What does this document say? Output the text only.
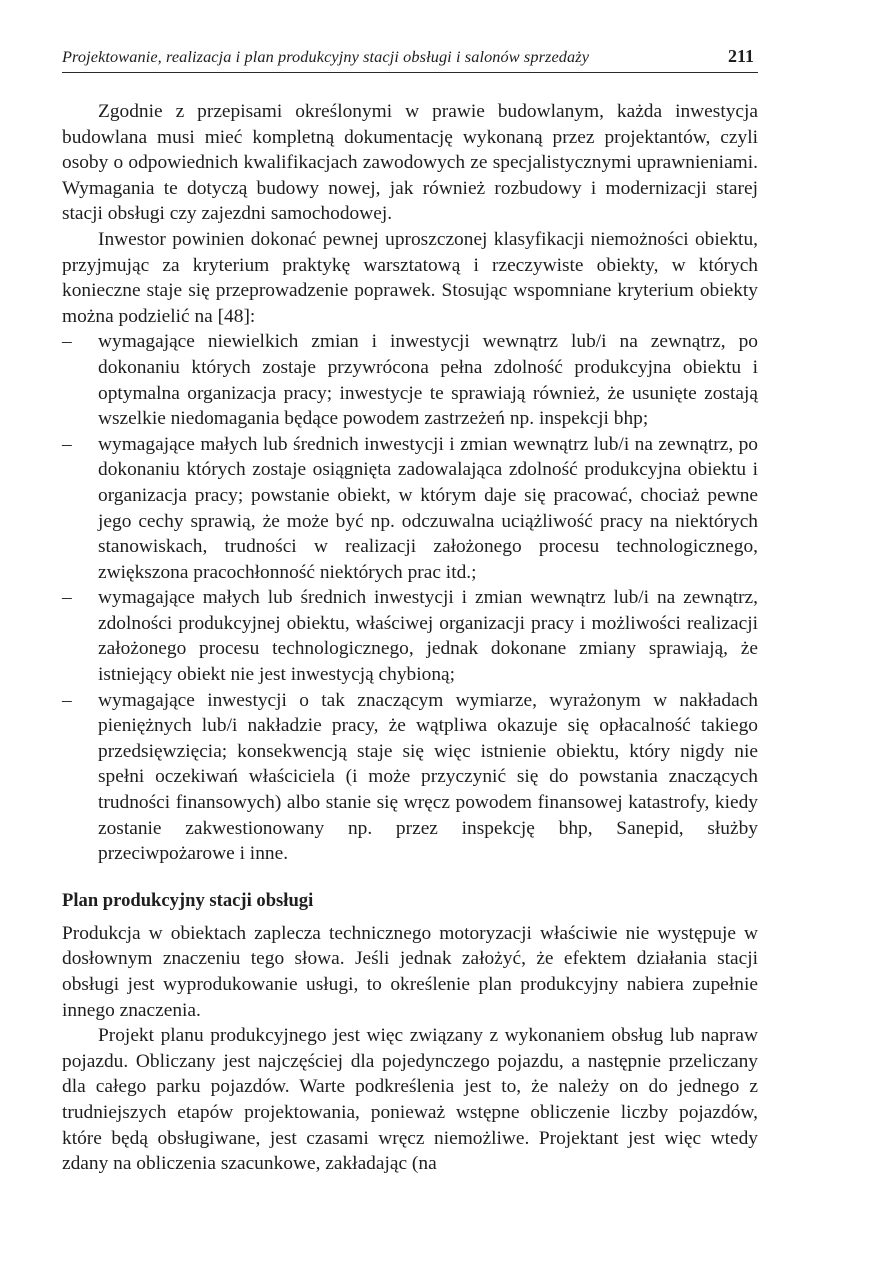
Projektowanie, realizacja i plan produkcyjny stacji obsługi i salonów sprzedaży	211

Zgodnie z przepisami określonymi w prawie budowlanym, każda inwestycja budowlana musi mieć kompletną dokumentację wykonaną przez projektantów, czyli osoby o odpowiednich kwalifikacjach zawodowych ze specjalistycznymi uprawnieniami. Wymagania te dotyczą budowy nowej, jak również rozbudowy i modernizacji starej stacji obsługi czy zajezdni samochodowej.

Inwestor powinien dokonać pewnej uproszczonej klasyfikacji niemożności obiektu, przyjmując za kryterium praktykę warsztatową i rzeczywiste obiekty, w których konieczne staje się przeprowadzenie poprawek. Stosując wspomniane kryterium obiekty można podzielić na [48]:

– wymagające niewielkich zmian i inwestycji wewnątrz lub/i na zewnątrz, po dokonaniu których zostaje przywrócona pełna zdolność produkcyjna obiektu i optymalna organizacja pracy; inwestycje te sprawiają również, że usunięte zostają wszelkie niedomagania będące powodem zastrzeżeń np. inspekcji bhp;
– wymagające małych lub średnich inwestycji i zmian wewnątrz lub/i na zewnątrz, po dokonaniu których zostaje osiągnięta zadowalająca zdolność produkcyjna obiektu i organizacja pracy; powstanie obiekt, w którym daje się pracować, chociaż pewne jego cechy sprawią, że może być np. odczuwalna uciążliwość pracy na niektórych stanowiskach, trudności w realizacji założonego procesu technologicznego, zwiększona pracochłonność niektórych prac itd.;
– wymagające małych lub średnich inwestycji i zmian wewnątrz lub/i na zewnątrz, zdolności produkcyjnej obiektu, właściwej organizacji pracy i możliwości realizacji założonego procesu technologicznego, jednak dokonane zmiany sprawiają, że istniejący obiekt nie jest inwestycją chybioną;
– wymagające inwestycji o tak znaczącym wymiarze, wyrażonym w nakładach pieniężnych lub/i nakładzie pracy, że wątpliwa okazuje się opłacalność takiego przedsięwzięcia; konsekwencją staje się więc istnienie obiektu, który nigdy nie spełni oczekiwań właściciela (i może przyczynić się do powstania znaczących trudności finansowych) albo stanie się wręcz powodem finansowej katastrofy, kiedy zostanie zakwestionowany np. przez inspekcję bhp, Sanepid, służby przeciwpożarowe i inne.
Plan produkcyjny stacji obsługi

Produkcja w obiektach zaplecza technicznego motoryzacji właściwie nie występuje w dosłownym znaczeniu tego słowa. Jeśli jednak założyć, że efektem działania stacji obsługi jest wyprodukowanie usługi, to określenie plan produkcyjny nabiera zupełnie innego znaczenia.

Projekt planu produkcyjnego jest więc związany z wykonaniem obsług lub napraw pojazdu. Obliczany jest najczęściej dla pojedynczego pojazdu, a następnie przeliczany dla całego parku pojazdów. Warte podkreślenia jest to, że należy on do jednego z trudniejszych etapów projektowania, ponieważ wstępne obliczenie liczby pojazdów, które będą obsługiwane, jest czasami wręcz niemożliwe. Projektant jest więc wtedy zdany na obliczenia szacunkowe, zakładając (na
